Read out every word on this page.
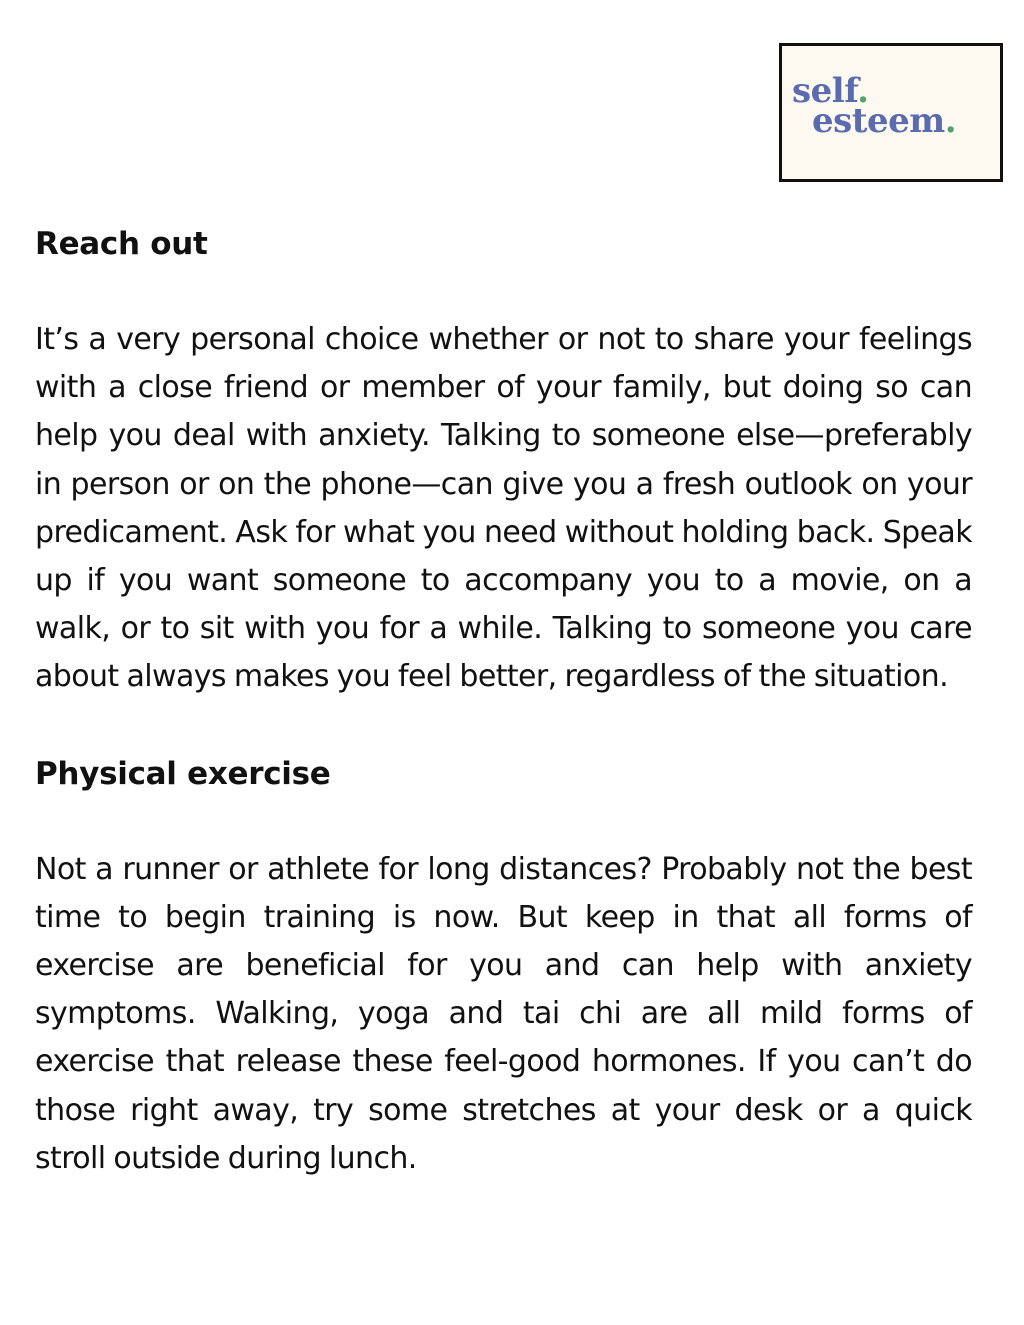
self.
esteem.
Reach out

It’s a very personal choice whether or not to share your feelings with a close friend or member of your family, but doing so can help you deal with anxiety. Talking to someone else—preferably in person or on the phone—can give you a fresh outlook on your predicament. Ask for what you need without holding back. Speak up if you want someone to accompany you to a movie, on a walk, or to sit with you for a while. Talking to someone you care about always makes you feel better, regardless of the situation.

Physical exercise

Not a runner or athlete for long distances? Probably not the best time to begin training is now. But keep in that all forms of exercise are beneficial for you and can help with anxiety symptoms. Walking, yoga and tai chi are all mild forms of exercise that release these feel-good hormones. If you can’t do those right away, try some stretches at your desk or a quick stroll outside during lunch.
